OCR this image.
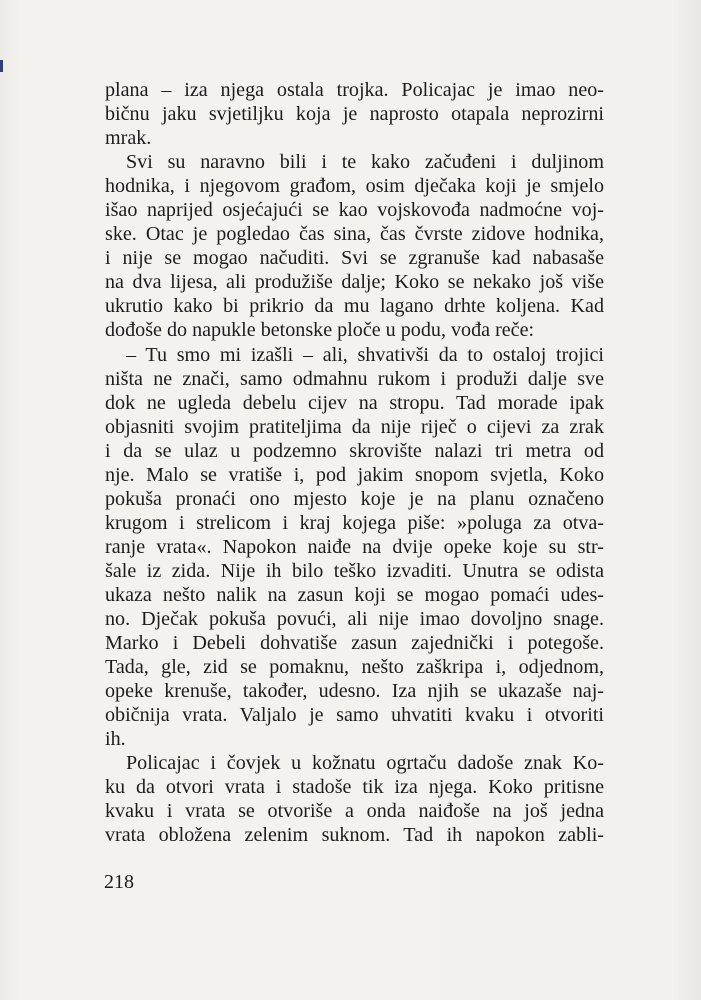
plana – iza njega ostala trojka. Policajac je imao neo-
bičnu jaku svjetiljku koja je naprosto otapala neprozirni
mrak.

Svi su naravno bili i te kako začuđeni i duljinom
hodnika, i njegovom građom, osim dječaka koji je smjelo
išao naprijed osjećajući se kao vojskovođa nadmoćne voj-
ske. Otac je pogledao čas sina, čas čvrste zidove hodnika,
i nije se mogao načuditi. Svi se zgranuše kad nabasaše
na dva lijesa, ali produžiše dalje; Koko se nekako još više
ukrutio kako bi prikrio da mu lagano drhte koljena. Kad
dođoše do napukle betonske ploče u podu, vođa reče:

– Tu smo mi izašli – ali, shvativši da to ostaloj trojici
ništa ne znači, samo odmahnu rukom i produži dalje sve
dok ne ugleda debelu cijev na stropu. Tad morade ipak
objasniti svojim pratiteljima da nije riječ o cijevi za zrak
i da se ulaz u podzemno skrovište nalazi tri metra od
nje. Malo se vratiše i, pod jakim snopom svjetla, Koko
pokuša pronaći ono mjesto koje je na planu označeno
krugom i strelicom i kraj kojega piše: »poluga za otva-
ranje vrata«. Napokon naiđe na dvije opeke koje su str-
šale iz zida. Nije ih bilo teško izvaditi. Unutra se odista
ukaza nešto nalik na zasun koji se mogao pomaći udes-
no. Dječak pokuša povući, ali nije imao dovoljno snage.
Marko i Debeli dohvatiše zasun zajednički i potegoše.
Tada, gle, zid se pomaknu, nešto zaškripa i, odjednom,
opeke krenuše, također, udesno. Iza njih se ukazaše naj-
običnija vrata. Valjalo je samo uhvatiti kvaku i otvoriti
ih.

Policajac i čovjek u kožnatu ogrtaču dadoše znak Ko-
ku da otvori vrata i stadoše tik iza njega. Koko pritisne
kvaku i vrata se otvoriše a onda naiđoše na još jedna
vrata obložena zelenim suknom. Tad ih napokon zabli-

218
